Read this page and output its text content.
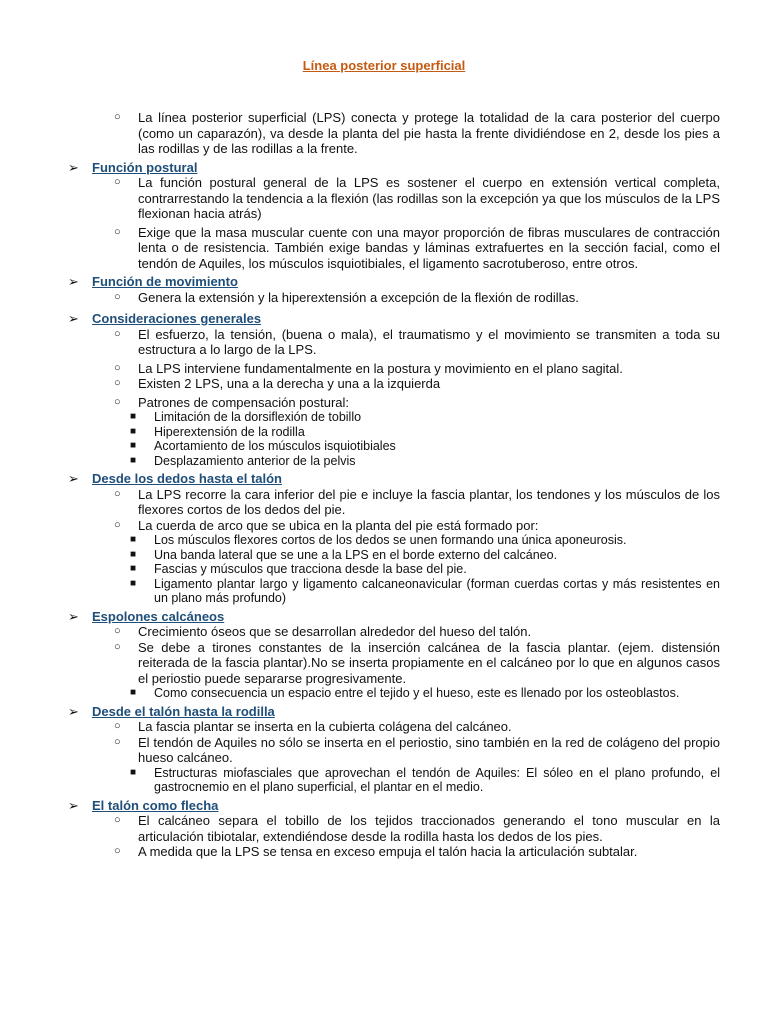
Línea posterior superficial
○ La línea posterior superficial (LPS) conecta y protege la totalidad de la cara posterior del cuerpo (como un caparazón), va desde la planta del pie hasta la frente dividiéndose en 2, desde los pies a las rodillas y de las rodillas a la frente.
➢ Función postural
○ La función postural general de la LPS es sostener el cuerpo en extensión vertical completa, contrarrestando la tendencia a la flexión (las rodillas son la excepción ya que los músculos de la LPS flexionan hacia atrás)
○ Exige que la masa muscular cuente con una mayor proporción de fibras musculares de contracción lenta o de resistencia. También exige bandas y láminas extrafuertes en la sección facial, como el tendón de Aquiles, los músculos isquiotibiales, el ligamento sacrotuberoso, entre otros.
➢ Función de movimiento
○ Genera la extensión y la hiperextensión a excepción de la flexión de rodillas.
➢ Consideraciones generales
○ El esfuerzo, la tensión, (buena o mala), el traumatismo y el movimiento se transmiten a toda su estructura a lo largo de la LPS.
○ La LPS interviene fundamentalmente en la postura y movimiento en el plano sagital.
○ Existen 2 LPS, una a la derecha y una a la izquierda
○ Patrones de compensación postural:
■ Limitación de la dorsiflexión de tobillo
■ Hiperextensión de la rodilla
■ Acortamiento de los músculos isquiotibiales
■ Desplazamiento anterior de la pelvis
➢ Desde los dedos hasta el talón
○ La LPS recorre la cara inferior del pie e incluye la fascia plantar, los tendones y los músculos de los flexores cortos de los dedos del pie.
○ La cuerda de arco que se ubica en la planta del pie está formado por:
■ Los músculos flexores cortos de los dedos se unen formando una única aponeurosis.
■ Una banda lateral que se une a la LPS en el borde externo del calcáneo.
■ Fascias y músculos que tracciona desde la base del pie.
■ Ligamento plantar largo y ligamento calcaneonavicular (forman cuerdas cortas y más resistentes en un plano más profundo)
➢ Espolones calcáneos
○ Crecimiento óseos que se desarrollan alrededor del hueso del talón.
○ Se debe a tirones constantes de la inserción calcánea de la fascia plantar. (ejem. distensión reiterada de la fascia plantar).No se inserta propiamente en el calcáneo por lo que en algunos casos el periostio puede separarse progresivamente.
■ Como consecuencia un espacio entre el tejido y el hueso, este es llenado por los osteoblastos.
➢ Desde el talón hasta la rodilla
○ La fascia plantar se inserta en la cubierta colágena del calcáneo.
○ El tendón de Aquiles no sólo se inserta en el periostio, sino también en la red de colágeno del propio hueso calcáneo.
■ Estructuras miofasciales que aprovechan el tendón de Aquiles: El sóleo en el plano profundo, el gastrocnemio en el plano superficial, el plantar en el medio.
➢ El talón como flecha
○ El calcáneo separa el tobillo de los tejidos traccionados generando el tono muscular en la articulación tibiotalar, extendiéndose desde la rodilla hasta los dedos de los pies.
○ A medida que la LPS se tensa en exceso empuja el talón hacia la articulación subtalar.
